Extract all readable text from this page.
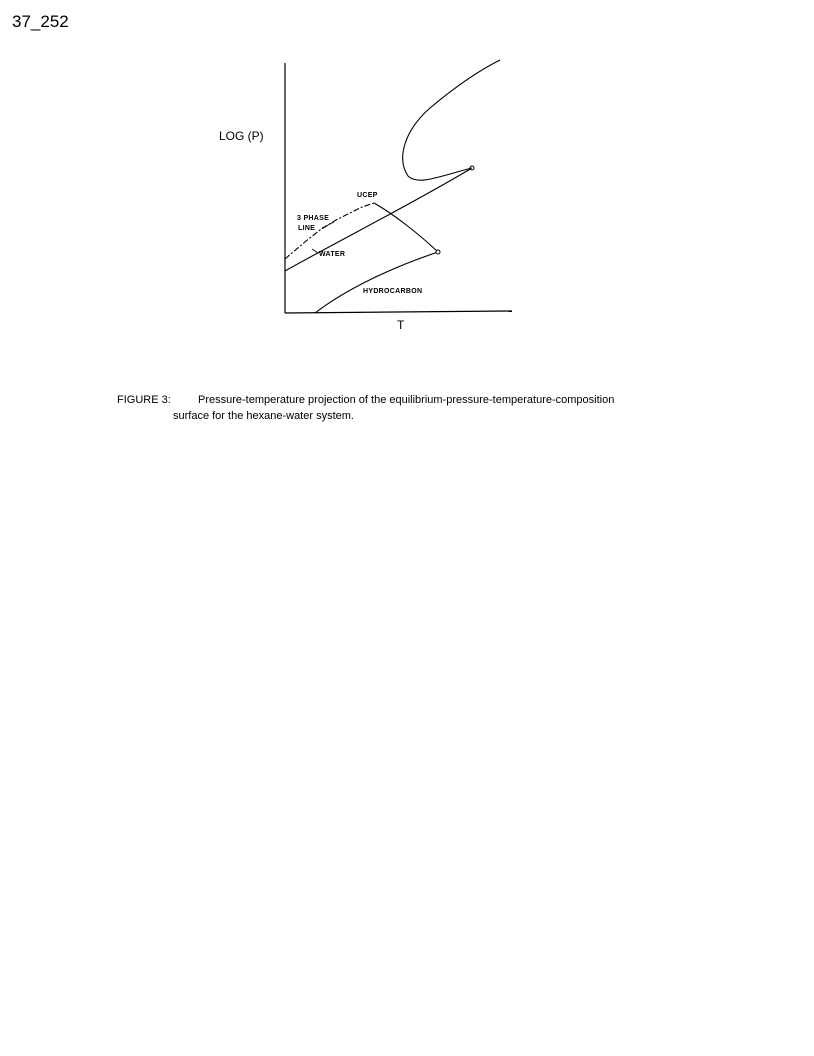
37_252
LOG (P)
T
UCEP
3 PHASE
LINE
WATER
HYDROCARBON
FIGURE 3: Pressure-temperature projection of the equilibrium-pressure-temperature-composition
surface for the hexane-water system.
